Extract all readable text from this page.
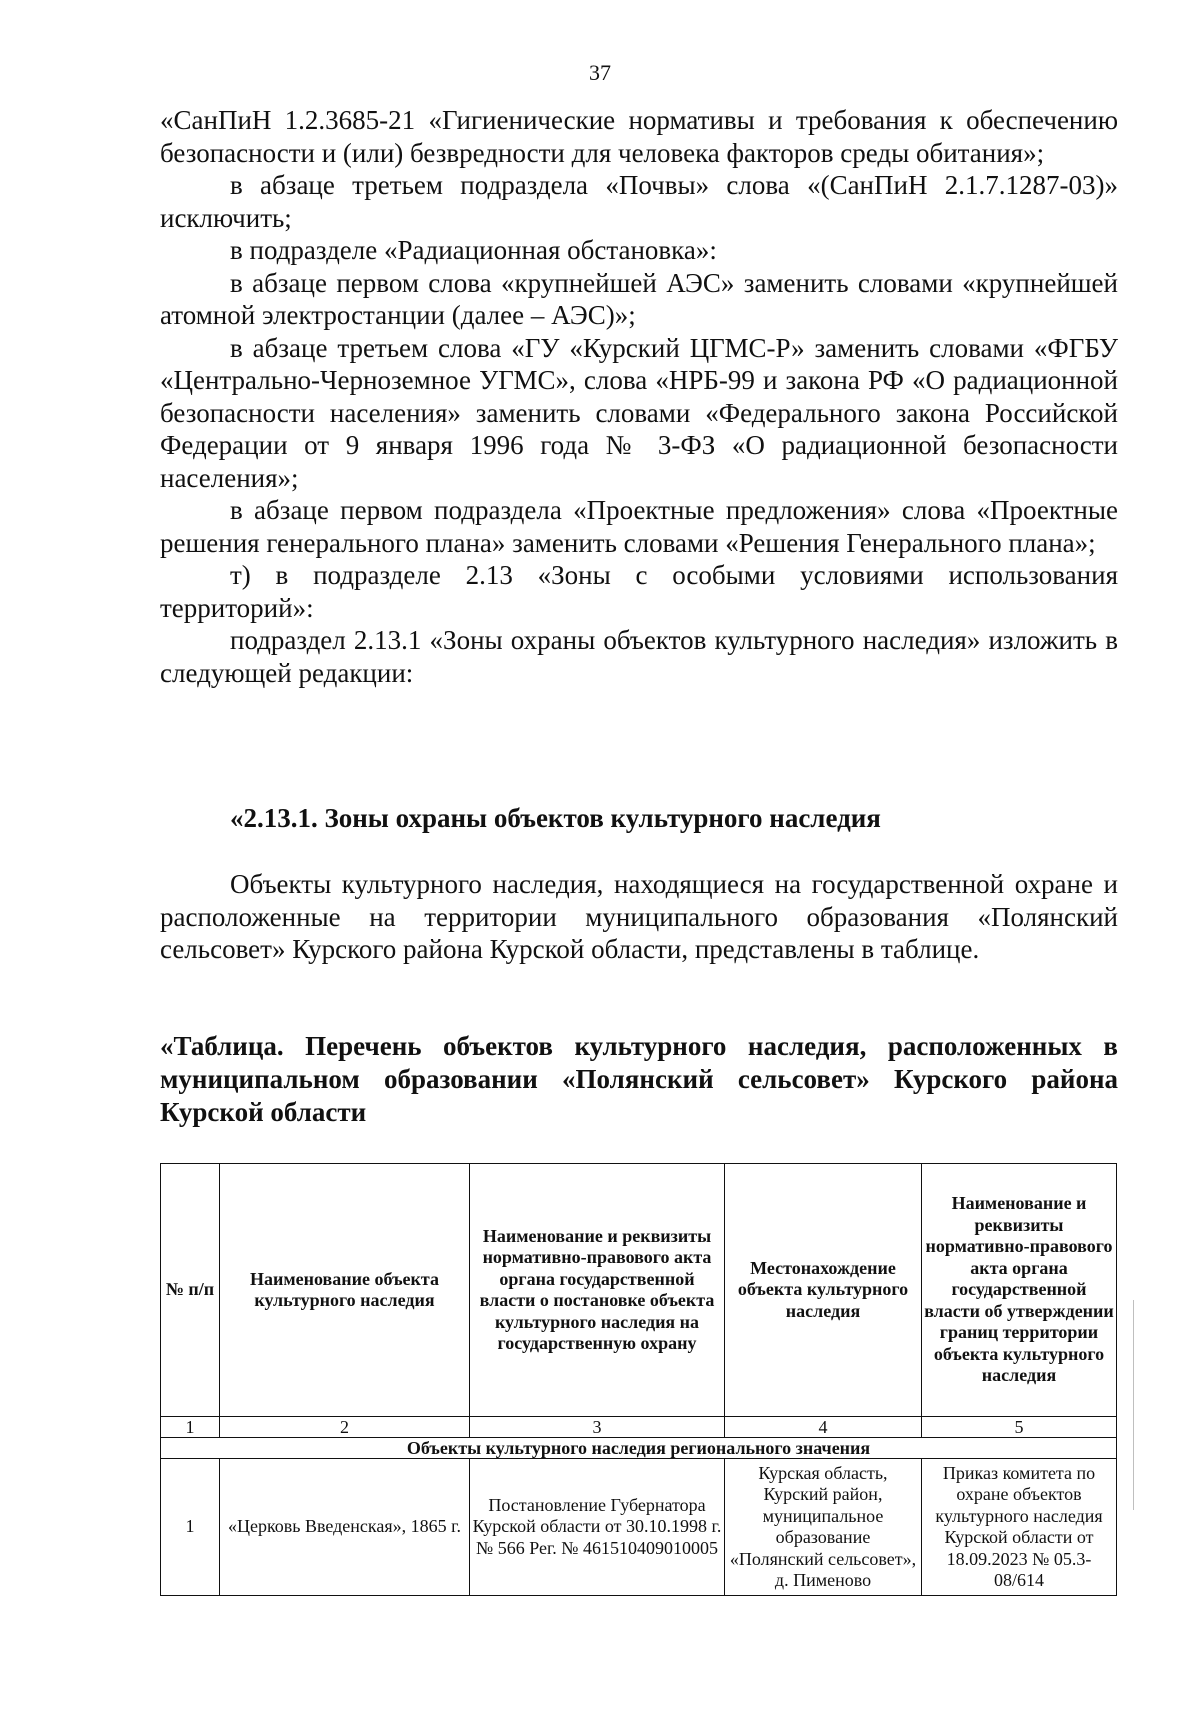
37

«СанПиН 1.2.3685-21 «Гигиенические нормативы и требования к обеспечению безопасности и (или) безвредности для человека факторов среды обитания»;

в абзаце третьем подраздела «Почвы» слова «(СанПиН 2.1.7.1287-03)» исключить;

в подразделе «Радиационная обстановка»:

в абзаце первом слова «крупнейшей АЭС» заменить словами «крупнейшей атомной электростанции (далее – АЭС)»;

в абзаце третьем слова «ГУ «Курский ЦГМС-Р» заменить словами «ФГБУ «Центрально-Черноземное УГМС», слова «НРБ-99 и закона РФ «О радиационной безопасности населения» заменить словами «Федерального закона Российской Федерации от 9 января 1996 года № 3-ФЗ «О радиационной безопасности населения»;

в абзаце первом подраздела «Проектные предложения» слова «Проектные решения генерального плана» заменить словами «Решения Генерального плана»;

т) в подразделе 2.13 «Зоны с особыми условиями использования территорий»:

подраздел 2.13.1 «Зоны охраны объектов культурного наследия» изложить в следующей редакции:

«2.13.1. Зоны охраны объектов культурного наследия

Объекты культурного наследия, находящиеся на государственной охране и расположенные на территории муниципального образования «Полянский сельсовет» Курского района Курской области, представлены в таблице.

«Таблица. Перечень объектов культурного наследия, расположенных в муниципальном образовании «Полянский сельсовет» Курского района Курской области

№ п/п	Наименование объекта культурного наследия	Наименование и реквизиты нормативно-правового акта органа государственной власти о постановке объекта культурного наследия на государственную охрану	Местонахождение объекта культурного наследия	Наименование и реквизиты нормативно-правового акта органа государственной власти об утверждении границ территории объекта культурного наследия
1	2	3	4	5
Объекты культурного наследия регионального значения				
1	«Церковь Введенская», 1865 г.	Постановление Губернатора Курской области от 30.10.1998 г. № 566 Рег. № 461510409010005	Курская область, Курский район, муниципальное образование «Полянский сельсовет», д. Пименово	Приказ комитета по охране объектов культурного наследия Курской области от 18.09.2023 № 05.3-08/614
